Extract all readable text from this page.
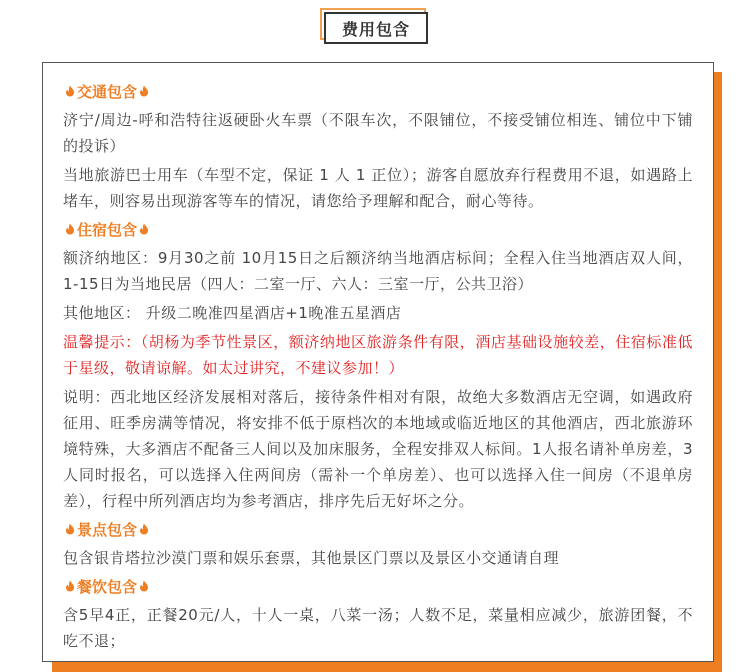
费用包含
交通包含

济宁/周边-呼和浩特往返硬卧火车票（不限车次，不限铺位，不接受铺位相连、铺位中下铺的投诉）

当地旅游巴士用车（车型不定，保证 1 人 1 正位）；游客自愿放弃行程费用不退，如遇路上堵车，则容易出现游客等车的情况，请您给予理解和配合，耐心等待。

住宿包含

额济纳地区：9月30之前 10月15日之后额济纳当地酒店标间；全程入住当地酒店双人间，1-15日为当地民居（四人：二室一厅、六人：三室一厅，公共卫浴）

其他地区： 升级二晚准四星酒店+1晚准五星酒店

温馨提示：（胡杨为季节性景区，额济纳地区旅游条件有限，酒店基础设施较差，住宿标准低于星级，敬请谅解。如太过讲究，不建议参加！）

说明：西北地区经济发展相对落后，接待条件相对有限，故绝大多数酒店无空调，如遇政府征用、旺季房满等情况，将安排不低于原档次的本地域或临近地区的其他酒店，西北旅游环境特殊，大多酒店不配备三人间以及加床服务，全程安排双人标间。1人报名请补单房差，3人同时报名，可以选择入住两间房（需补一个单房差）、也可以选择入住一间房（不退单房差），行程中所列酒店均为参考酒店，排序先后无好坏之分。

景点包含

包含银肯塔拉沙漠门票和娱乐套票，其他景区门票以及景区小交通请自理

餐饮包含

含5早4正，正餐20元/人，十人一桌，八菜一汤；人数不足，菜量相应减少，旅游团餐，不吃不退；
